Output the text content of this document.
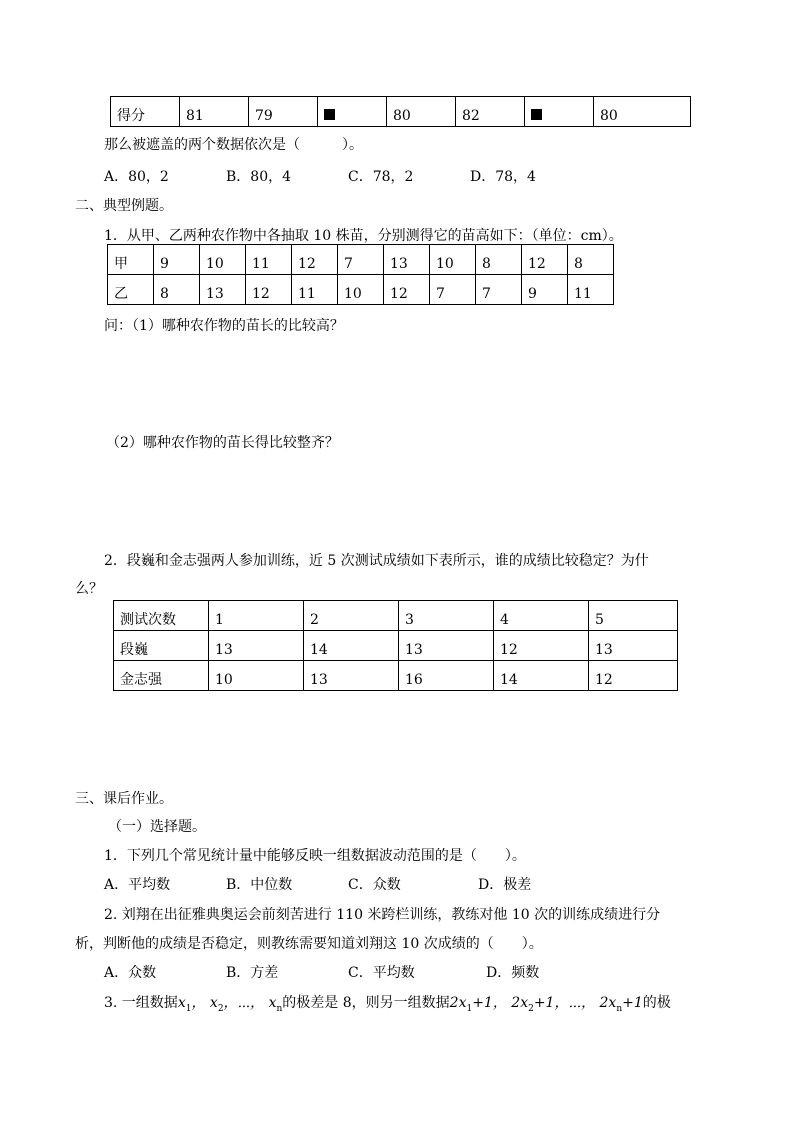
得分	81	79		80	82		80
那么被遮盖的两个数据依次是（　　　）。
A．80，2	B．80，4	C．78，2	D．78，4
二、典型例题。
1．从甲、乙两种农作物中各抽取 10 株苗，分别测得它的苗高如下：（单位：cm）。
甲	9	10	11	12	7	13	10	8	12	8
乙	8	13	12	11	10	12	7	7	9	11
问：（1）哪种农作物的苗长的比较高？
（2）哪种农作物的苗长得比较整齐？
2．段巍和金志强两人参加训练，近 5 次测试成绩如下表所示，谁的成绩比较稳定？为什
么？
测试次数	1	2	3	4	5
段巍	13	14	13	12	13
金志强	10	13	16	14	12
三、课后作业。
（一）选择题。
1．下列几个常见统计量中能够反映一组数据波动范围的是（　　）。
A．平均数	B．中位数	C．众数	D．极差
2. 刘翔在出征雅典奥运会前刻苦进行 110 米跨栏训练，教练对他 10 次的训练成绩进行分
析，判断他的成绩是否稳定，则教练需要知道刘翔这 10 次成绩的（　　）。
A．众数	B．方差	C．平均数	D．频数
3. 一组数据$x_1$， $x_2$，⋯， $x_n$的极差是 8，则另一组数据$2x_1+1$， $2x_2+1$，⋯， $2x_n+1$的极
